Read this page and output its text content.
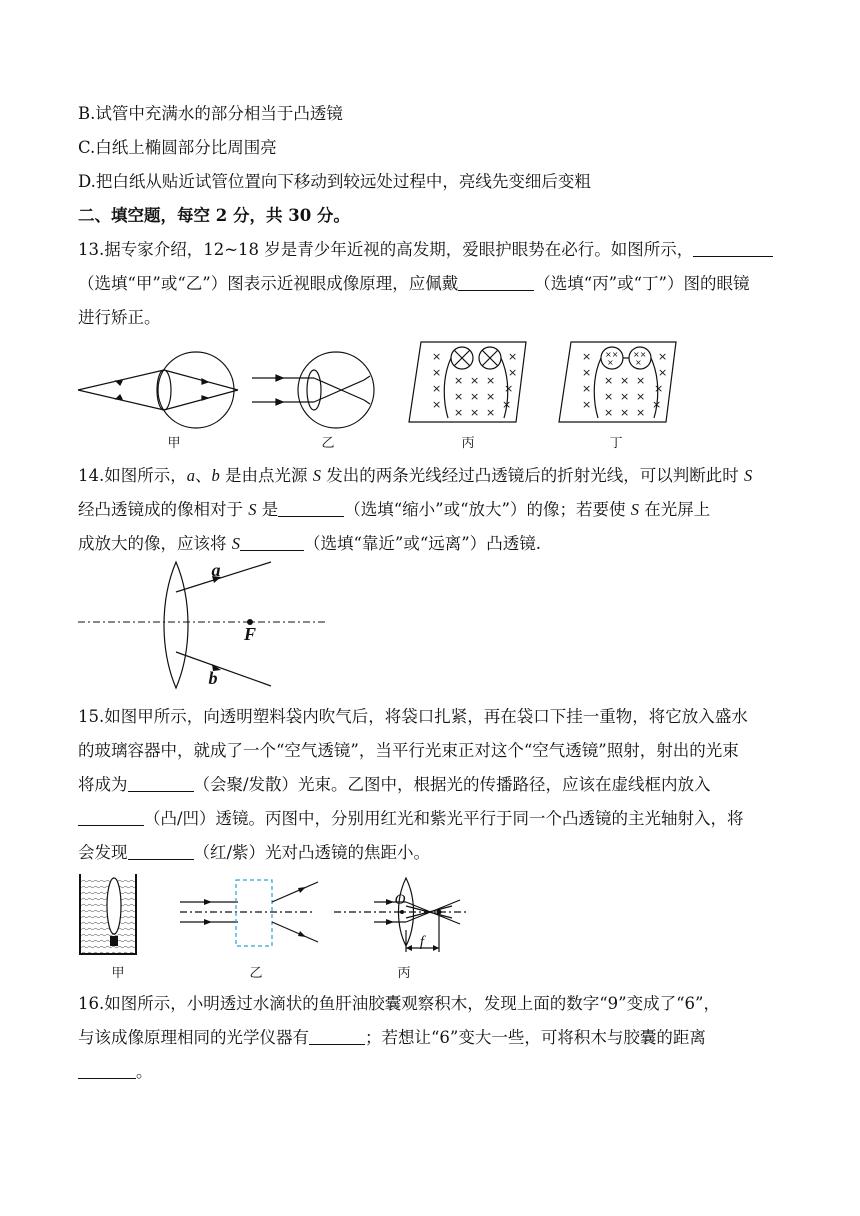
B.试管中充满水的部分相当于凸透镜
C.白纸上椭圆部分比周围亮
D.把白纸从贴近试管位置向下移动到较远处过程中，亮线先变细后变粗
二、填空题，每空 2 分，共 30 分。
13.据专家介绍，12~18 岁是青少年近视的高发期，爱眼护眼势在必行。如图所示，
（选填“甲”或“乙”）图表示近视眼成像原理，应佩戴	（选填“丙”或“丁”）图的眼镜
进行矫正。
×
×
×
×
× × ×
× × ×
× × ×
×
×
×
×
××
×
××
×
×
×
×
×
× × ×
× × ×
× × ×
×
×
×
×
甲	乙	丙	丁
14.如图所示，a、b 是由点光源 S 发出的两条光线经过凸透镜后的折射光线，可以判断此时 S
经凸透镜成的像相对于 S 是	（选填“缩小”或“放大”）的像；若要使 S 在光屏上
成放大的像，应该将 S	（选填“靠近”或“远离”）凸透镜.
a
b
F
15.如图甲所示，向透明塑料袋内吹气后，将袋口扎紧，再在袋口下挂一重物，将它放入盛水
的玻璃容器中，就成了一个“空气透镜”，当平行光束正对这个“空气透镜”照射，射出的光束
将成为	（会聚/发散）光束。乙图中，根据光的传播路径，应该在虚线框内放入
（凸/凹）透镜。丙图中，分别用红光和紫光平行于同一个凸透镜的主光轴射入，将
会发现	（红/紫）光对凸透镜的焦距小。
甲	乙	丙
O
f
16.如图所示，小明透过水滴状的鱼肝油胶囊观察积木，发现上面的数字“9”变成了“6”，
与该成像原理相同的光学仪器有	；若想让“6”变大一些，可将积木与胶囊的距离
。
